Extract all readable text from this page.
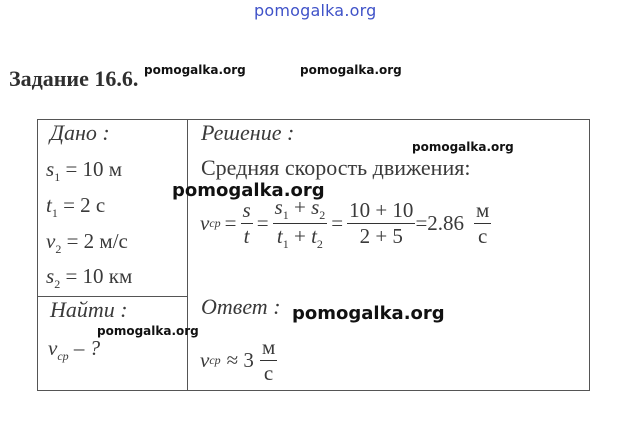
pomogalka.org
Задание 16.6. pomogalka.org	pomogalka.org
Дано :
$s_1 = 10$ м
$t_1 = 2$ с
$v_2 = 2$ м/с
$s_2 = 10$ км
Найти :
pomogalka.org
$v_{ср}$ – ?
Решение :
pomogalka.org
Средняя скорость движения:
pomogalka.org
v ср = $\frac{s}{t} = \frac{s_1 + s_2}{t_1 + t_2} = \frac{10 + 10}{2 + 5} = 2.86 \frac{м}{с}$
Ответ : pomogalka.org
v ср ≈ $3 \frac{м}{с}$
